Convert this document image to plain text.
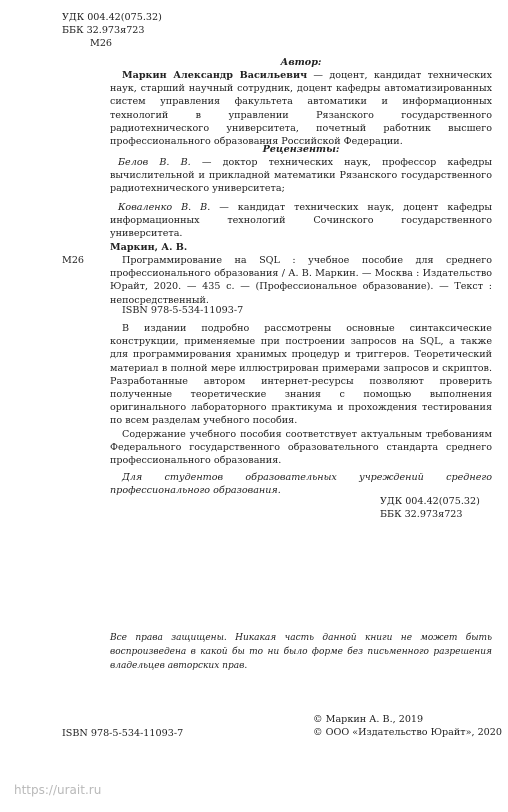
УДК 004.42(075.32)
ББК 32.973я723
М26
Автор:
Маркин Александр Васильевич — доцент, кандидат технических наук, старший научный сотрудник, доцент кафедры автоматизированных систем управления факультета автоматики и информационных технологий в управлении Рязанского государственного радиотехнического университета, почетный работник высшего профессионального образования Российской Федерации.
Рецензенты:

Белов В. В. — доктор технических наук, профессор кафедры вычислительной и прикладной математики Рязанского государственного радиотехнического университета;

Коваленко В. В. — кандидат технических наук, доцент кафедры информационных технологий Сочинского государственного университета.

Маркин, А. В.
М26	Программирование на SQL : учебное пособие для среднего профессионального образования / А. В. Маркин. — Москва : Издательство Юрайт, 2020. — 435 с. — (Профессиональное образование). — Текст : непосредственный.
ISBN 978-5-534-11093-7

В издании подробно рассмотрены основные синтаксические конструкции, применяемые при построении запросов на SQL, а также для программирования хранимых процедур и триггеров. Теоретический материал в полной мере иллюстрирован примерами запросов и скриптов. Разработанные автором интернет-ресурсы позволяют проверить полученные теоретические знания с помощью выполнения оригинального лабораторного практикума и прохождения тестирования по всем разделам учебного пособия.

Содержание учебного пособия соответствует актуальным требованиям Федерального государственного образовательного стандарта среднего профессионального образования.

Для студентов образовательных учреждений среднего профессионального образования.

УДК 004.42(075.32)
ББК 32.973я723
Все права защищены. Никакая часть данной книги не может быть воспроизведена в какой бы то ни было форме без письменного разрешения владельцев авторских прав.
ISBN 978-5-534-11093-7
© Маркин А. В., 2019
© ООО «Издательство Юрайт», 2020
https://urait.ru
